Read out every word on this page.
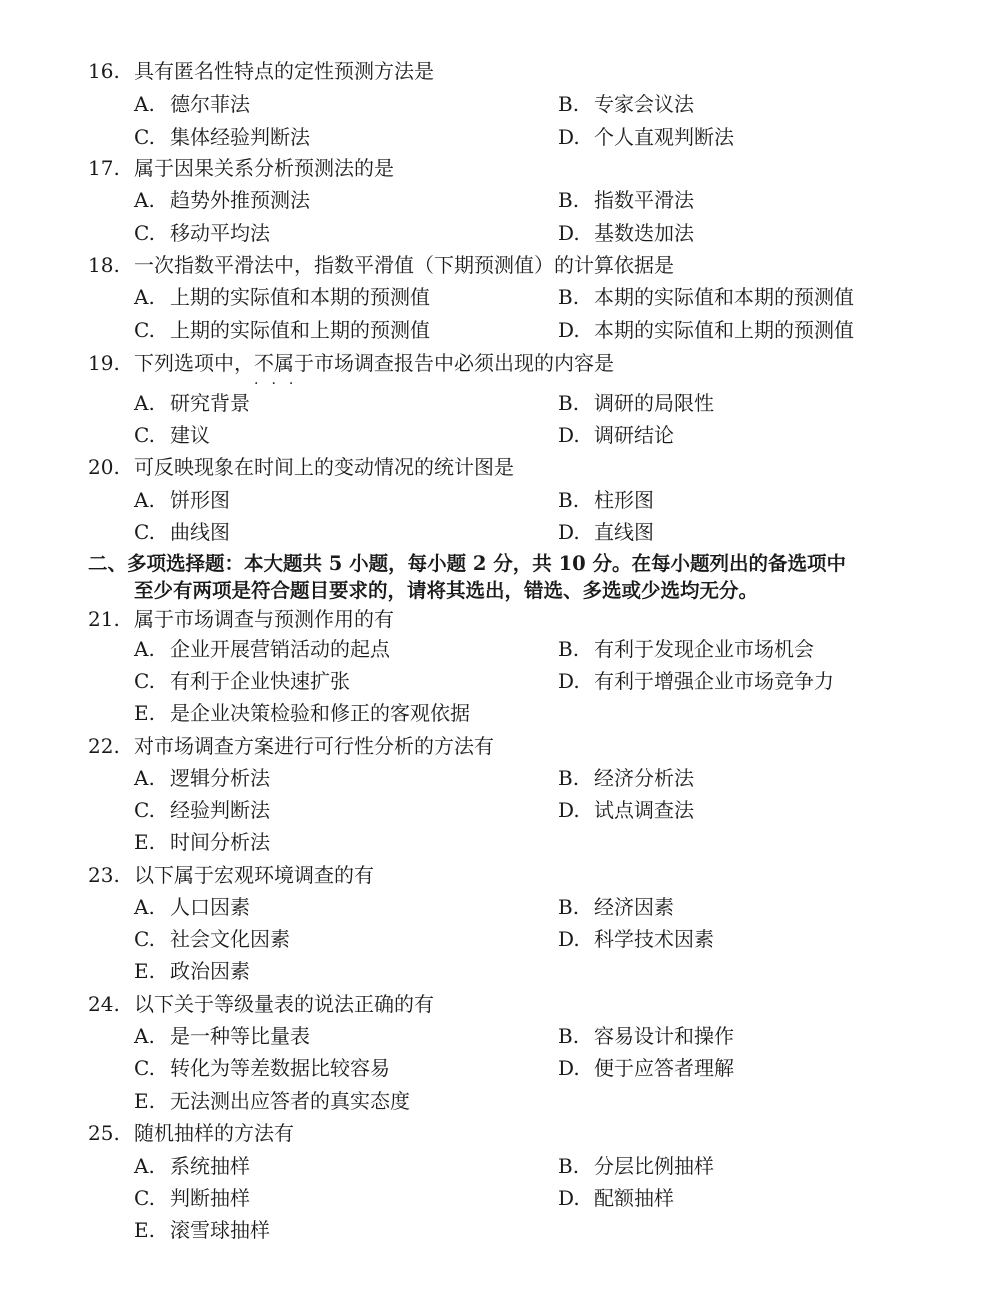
16. 具有匿名性特点的定性预测方法是
A. 德尔菲法	B. 专家会议法
C. 集体经验判断法	D. 个人直观判断法
17. 属于因果关系分析预测法的是
A. 趋势外推预测法	B. 指数平滑法
C. 移动平均法	D. 基数迭加法
18. 一次指数平滑法中，指数平滑值（下期预测值）的计算依据是
A. 上期的实际值和本期的预测值	B. 本期的实际值和本期的预测值
C. 上期的实际值和上期的预测值	D. 本期的实际值和上期的预测值
19. 下列选项中，不属于
···
市场调查报告中必须出现的内容是
A. 研究背景	B. 调研的局限性
C. 建议	D. 调研结论
20. 可反映现象在时间上的变动情况的统计图是
A. 饼形图	B. 柱形图
C. 曲线图	D. 直线图
二、多项选择题：本大题共 5 小题，每小题 2 分，共 10 分。在每小题列出的备选项中
至少有两项是符合题目要求的，请将其选出，错选、多选或少选均无分。
21. 属于市场调查与预测作用的有
A. 企业开展营销活动的起点	B. 有利于发现企业市场机会
C. 有利于企业快速扩张	D. 有利于增强企业市场竞争力
E. 是企业决策检验和修正的客观依据
22. 对市场调查方案进行可行性分析的方法有
A. 逻辑分析法	B. 经济分析法
C. 经验判断法	D. 试点调查法
E. 时间分析法
23. 以下属于宏观环境调查的有
A. 人口因素	B. 经济因素
C. 社会文化因素	D. 科学技术因素
E. 政治因素
24. 以下关于等级量表的说法正确的有
A. 是一种等比量表	B. 容易设计和操作
C. 转化为等差数据比较容易	D. 便于应答者理解
E. 无法测出应答者的真实态度
25. 随机抽样的方法有
A. 系统抽样	B. 分层比例抽样
C. 判断抽样	D. 配额抽样
E. 滚雪球抽样
